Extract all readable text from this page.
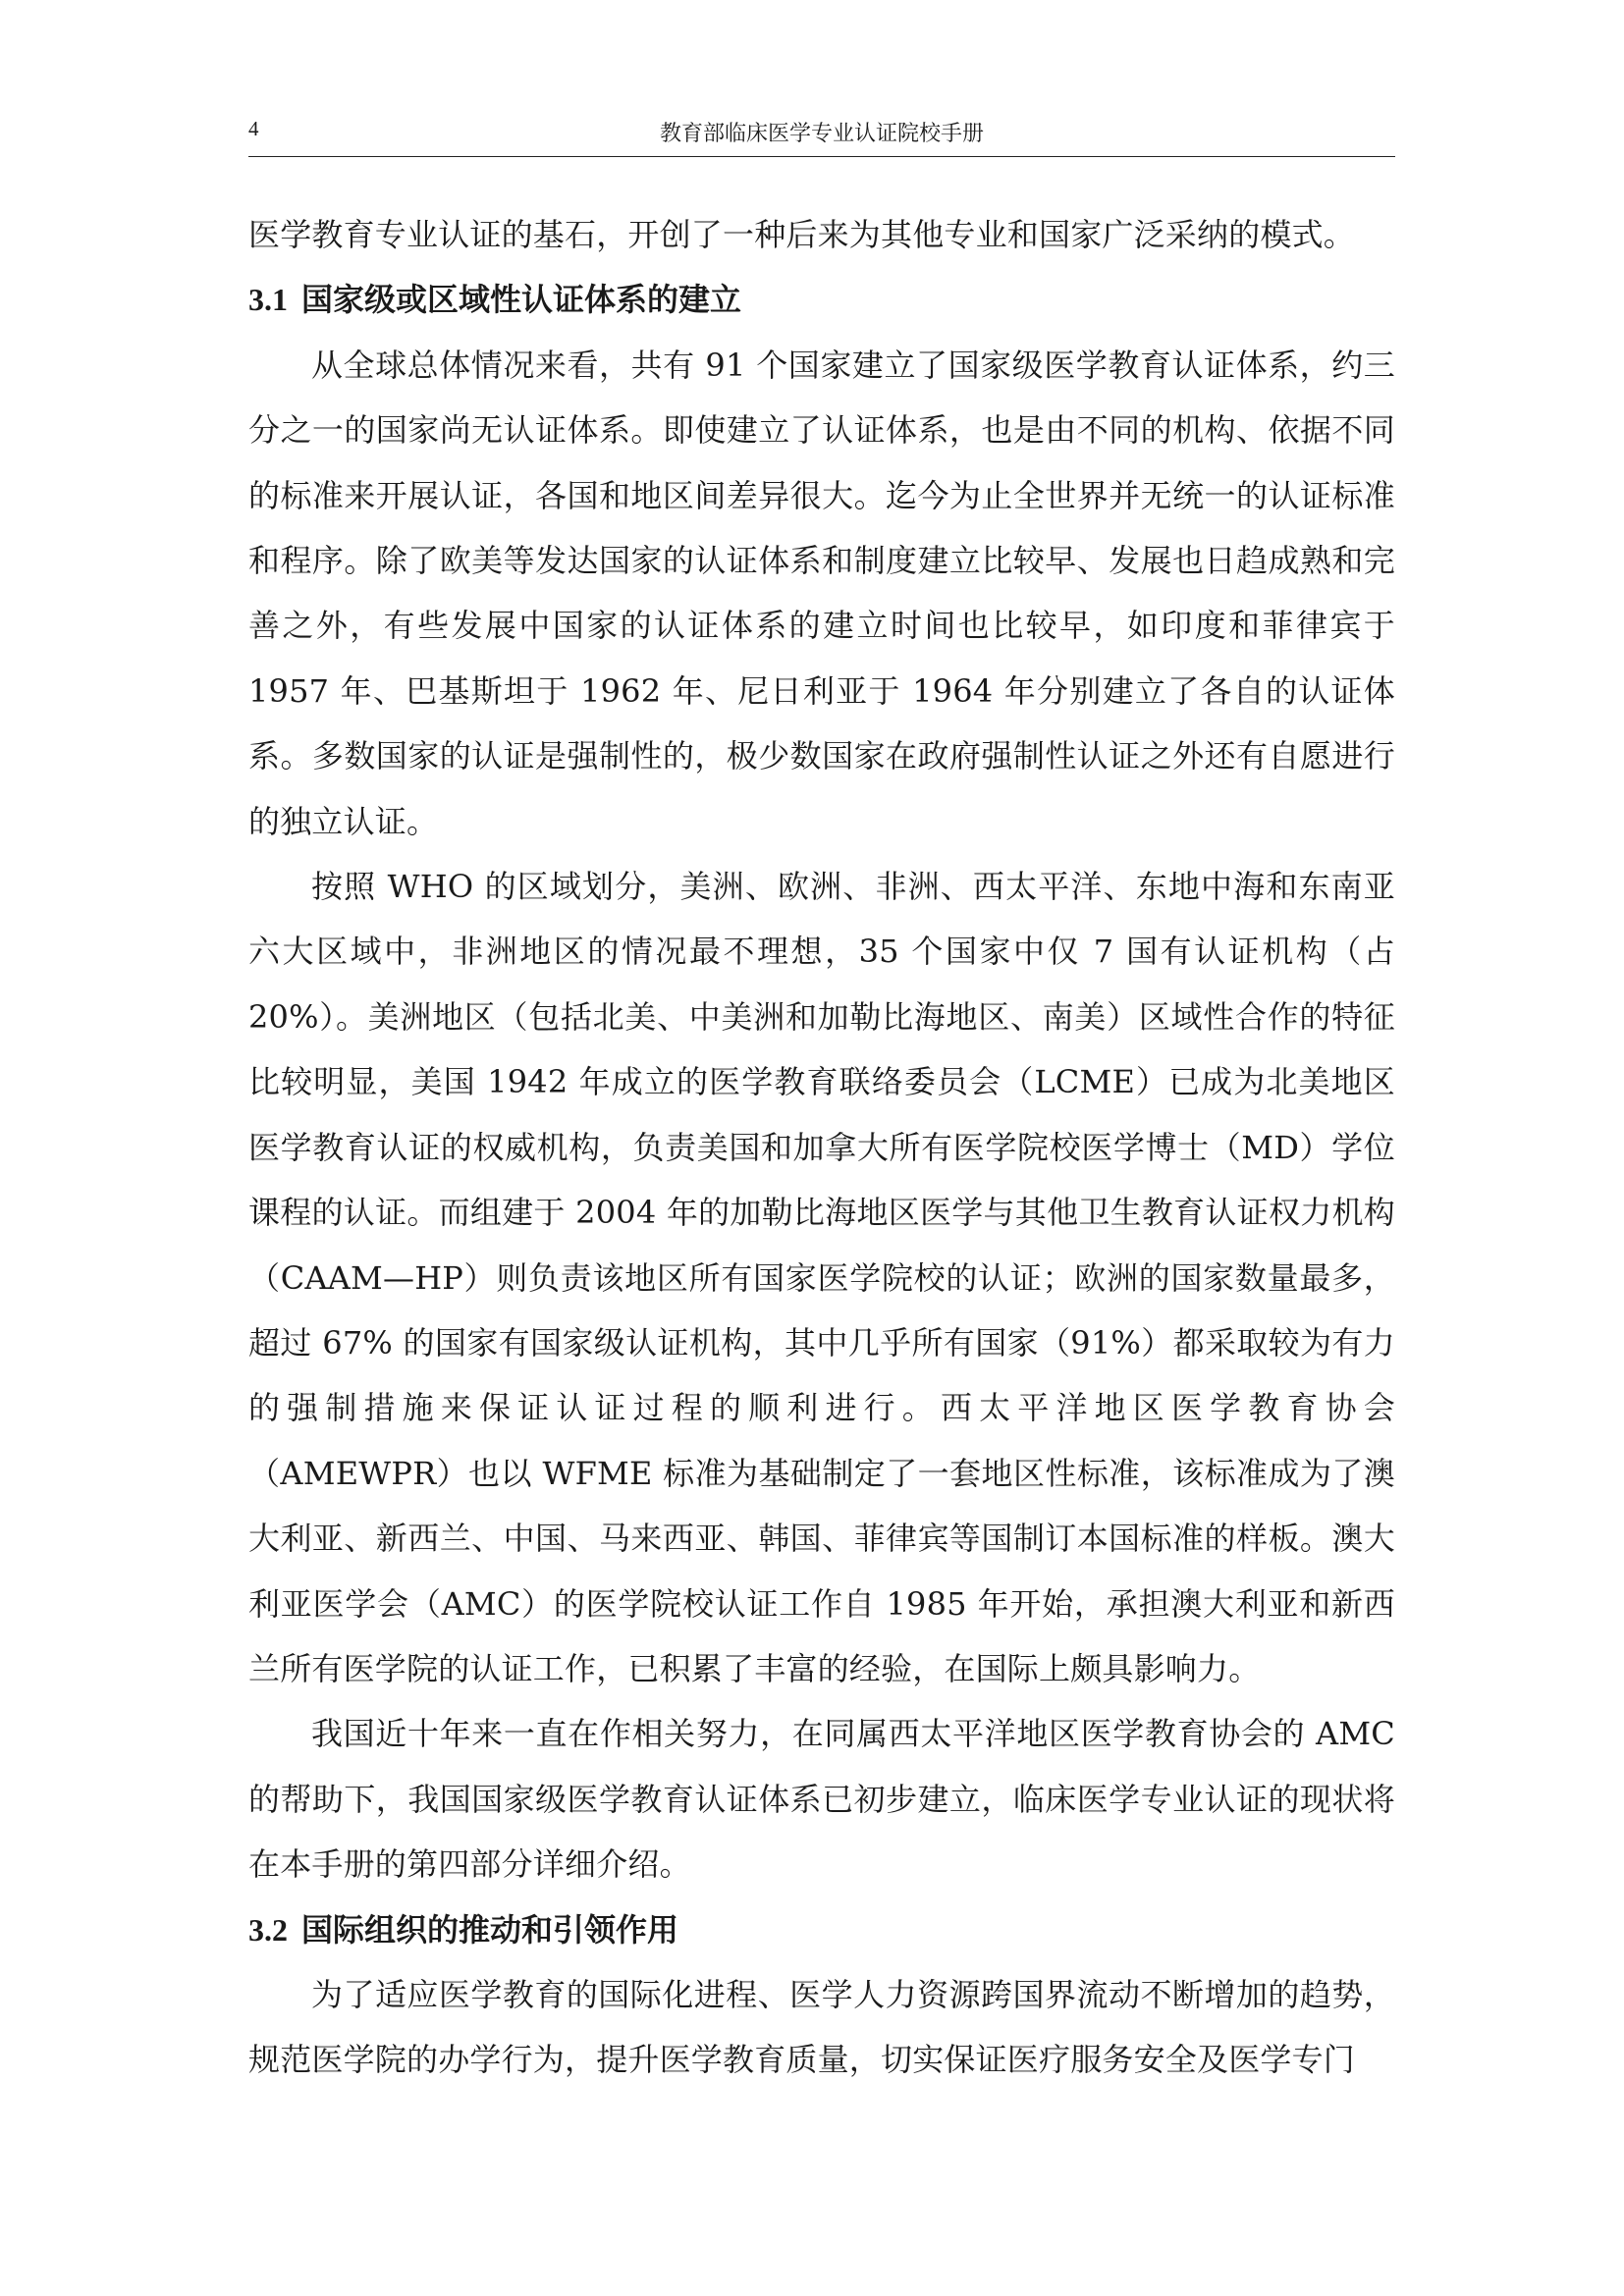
4	教育部临床医学专业认证院校手册

医学教育专业认证的基石，开创了一种后来为其他专业和国家广泛采纳的模式。

3.1 国家级或区域性认证体系的建立

从全球总体情况来看，共有 91 个国家建立了国家级医学教育认证体系，约三分之一的国家尚无认证体系。即使建立了认证体系，也是由不同的机构、依据不同的标准来开展认证，各国和地区间差异很大。迄今为止全世界并无统一的认证标准和程序。除了欧美等发达国家的认证体系和制度建立比较早、发展也日趋成熟和完善之外，有些发展中国家的认证体系的建立时间也比较早，如印度和菲律宾于 1957 年、巴基斯坦于 1962 年、尼日利亚于 1964 年分别建立了各自的认证体系。多数国家的认证是强制性的，极少数国家在政府强制性认证之外还有自愿进行的独立认证。

按照 WHO 的区域划分，美洲、欧洲、非洲、西太平洋、东地中海和东南亚六大区域中，非洲地区的情况最不理想，35 个国家中仅 7 国有认证机构（占 20%）。美洲地区（包括北美、中美洲和加勒比海地区、南美）区域性合作的特征比较明显，美国 1942 年成立的医学教育联络委员会（LCME）已成为北美地区医学教育认证的权威机构，负责美国和加拿大所有医学院校医学博士（MD）学位课程的认证。而组建于 2004 年的加勒比海地区医学与其他卫生教育认证权力机构（CAAM—HP）则负责该地区所有国家医学院校的认证；欧洲的国家数量最多，超过 67% 的国家有国家级认证机构，其中几乎所有国家（91%）都采取较为有力的强制措施来保证认证过程的顺利进行。西太平洋地区医学教育协会（AMEWPR）也以 WFME 标准为基础制定了一套地区性标准，该标准成为了澳大利亚、新西兰、中国、马来西亚、韩国、菲律宾等国制订本国标准的样板。澳大利亚医学会（AMC）的医学院校认证工作自 1985 年开始，承担澳大利亚和新西兰所有医学院的认证工作，已积累了丰富的经验，在国际上颇具影响力。

我国近十年来一直在作相关努力，在同属西太平洋地区医学教育协会的 AMC 的帮助下，我国国家级医学教育认证体系已初步建立，临床医学专业认证的现状将在本手册的第四部分详细介绍。

3.2 国际组织的推动和引领作用

为了适应医学教育的国际化进程、医学人力资源跨国界流动不断增加的趋势，规范医学院的办学行为，提升医学教育质量，切实保证医疗服务安全及医学专门
